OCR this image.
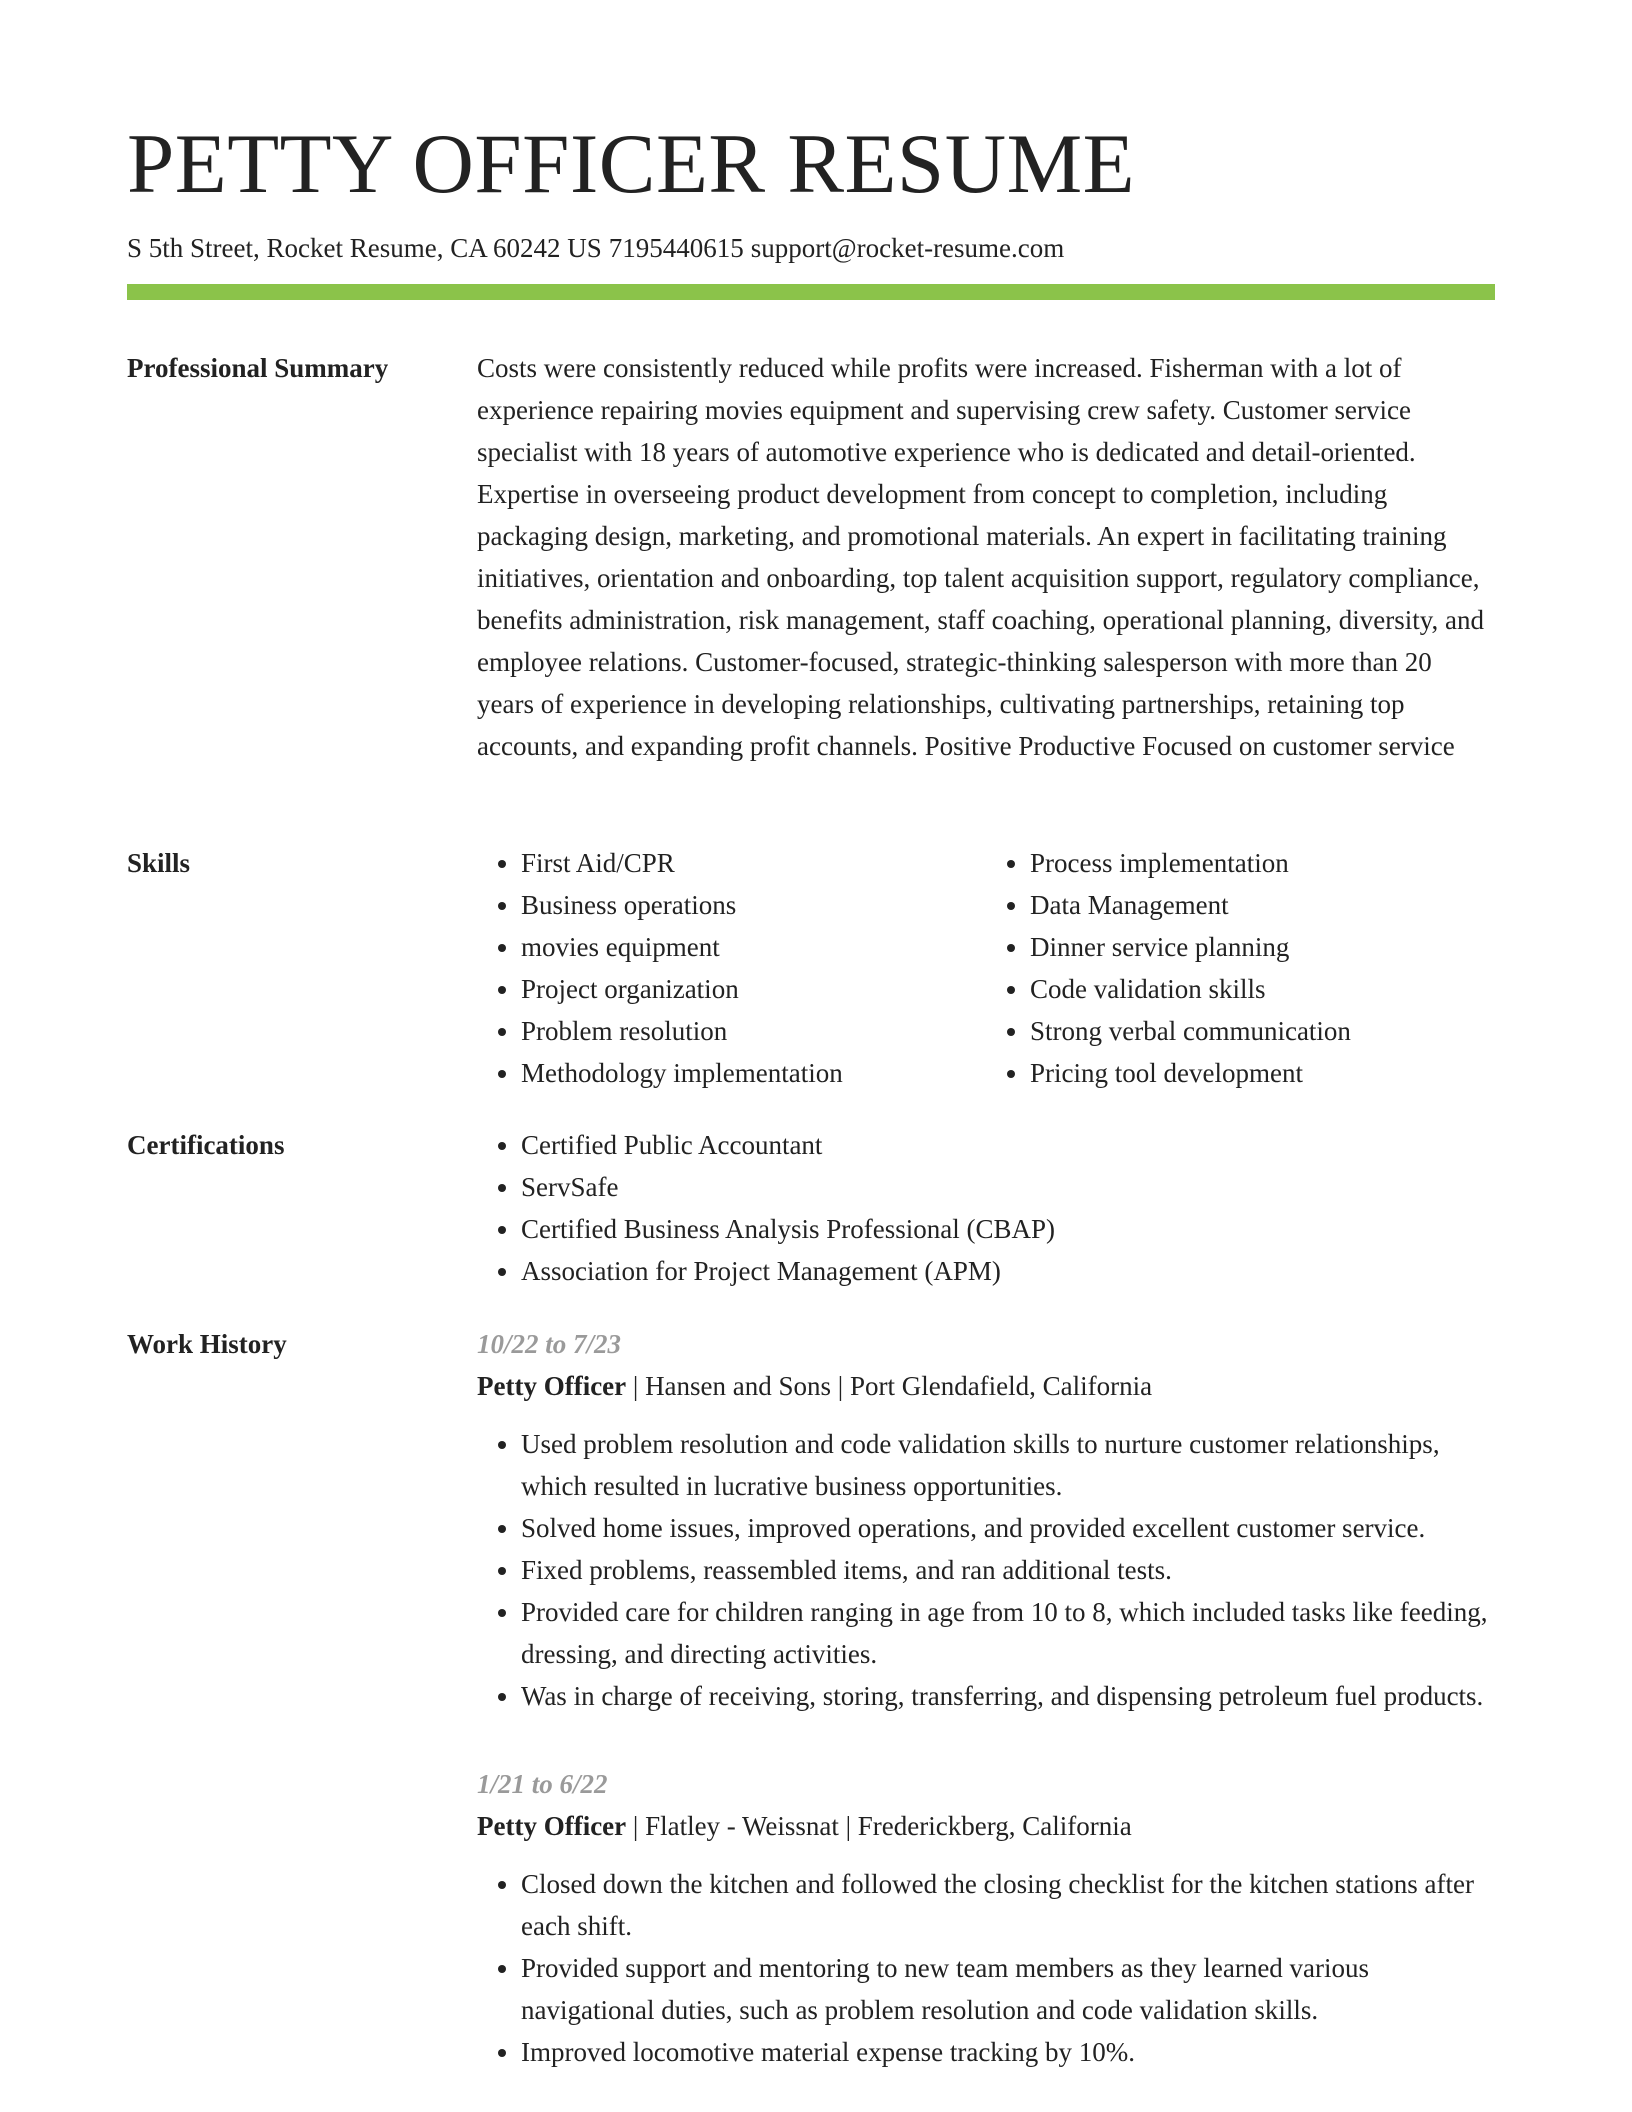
PETTY OFFICER RESUME
S 5th Street, Rocket Resume, CA 60242 US 7195440615 support@rocket-resume.com
Professional Summary	Costs were consistently reduced while profits were increased. Fisherman with a lot of experience repairing movies equipment and supervising crew safety. Customer service specialist with 18 years of automotive experience who is dedicated and detail-oriented. Expertise in overseeing product development from concept to completion, including packaging design, marketing, and promotional materials. An expert in facilitating training initiatives, orientation and onboarding, top talent acquisition support, regulatory compliance, benefits administration, risk management, staff coaching, operational planning, diversity, and employee relations. Customer-focused, strategic-thinking salesperson with more than 20 years of experience in developing relationships, cultivating partnerships, retaining top accounts, and expanding profit channels. Positive Productive Focused on customer service

Skills	• First Aid/CPR
• Business operations
• movies equipment
• Project organization
• Problem resolution
• Methodology implementation
• Process implementation
• Data Management
• Dinner service planning
• Code validation skills
• Strong verbal communication
• Pricing tool development
Certifications	• Certified Public Accountant
• ServSafe
• Certified Business Analysis Professional (CBAP)
• Association for Project Management (APM)
Work History	10/22 to 7/23
Petty Officer | Hansen and Sons | Port Glendafield, California
• Used problem resolution and code validation skills to nurture customer relationships, which resulted in lucrative business opportunities.
• Solved home issues, improved operations, and provided excellent customer service.
• Fixed problems, reassembled items, and ran additional tests.
• Provided care for children ranging in age from 10 to 8, which included tasks like feeding, dressing, and directing activities.
• Was in charge of receiving, storing, transferring, and dispensing petroleum fuel products.
1/21 to 6/22
Petty Officer | Flatley - Weissnat | Frederickberg, California
• Closed down the kitchen and followed the closing checklist for the kitchen stations after each shift.
• Provided support and mentoring to new team members as they learned various navigational duties, such as problem resolution and code validation skills.
• Improved locomotive material expense tracking by 10%.
